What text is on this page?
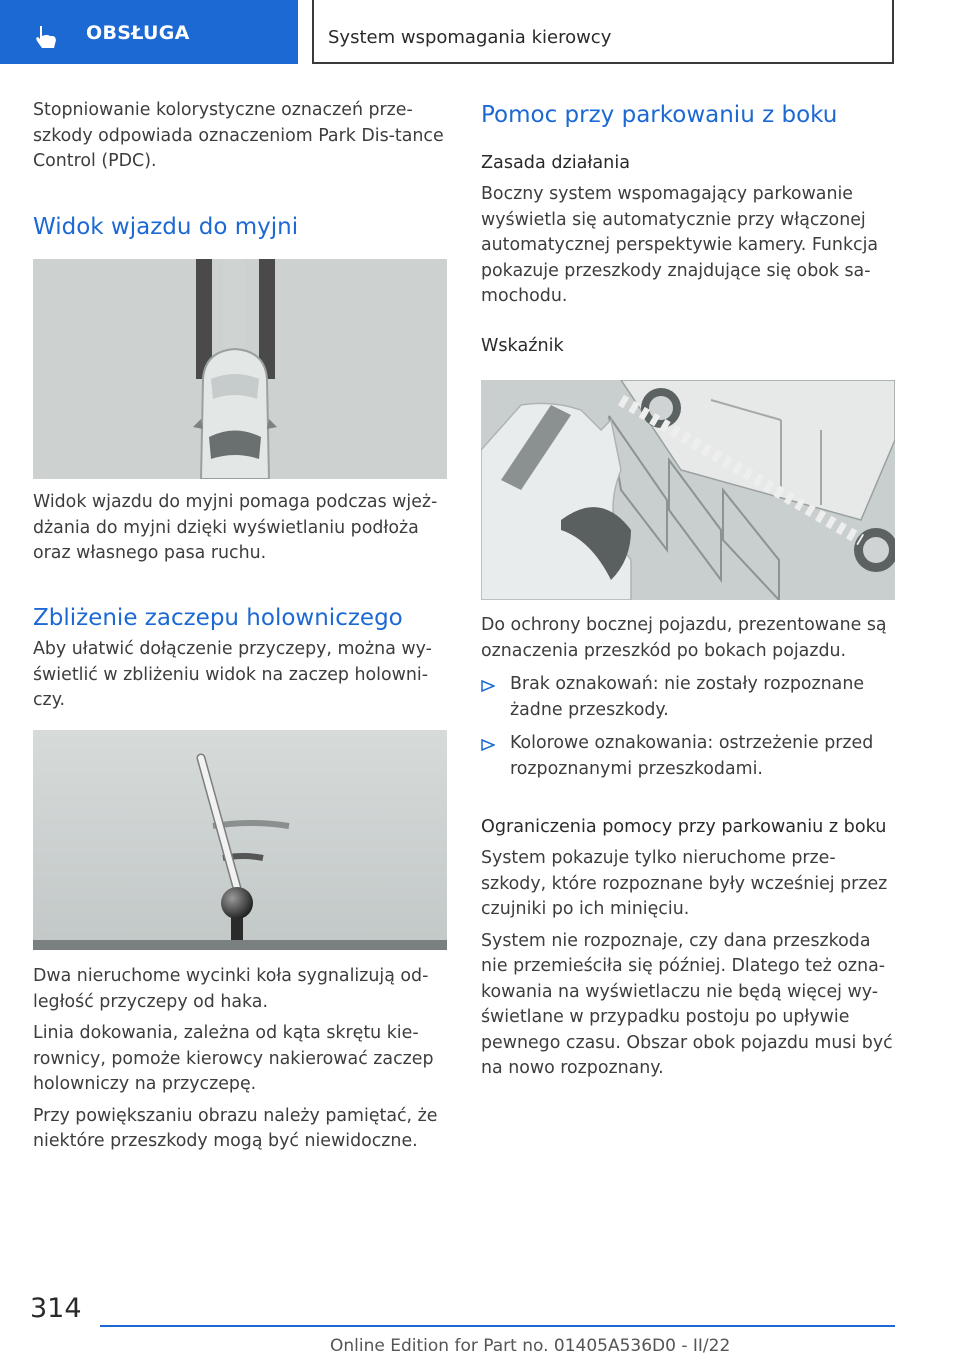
OBSŁUGA	System wspomagania kierowcy

Stopniowanie kolorystyczne oznaczeń prze-szkody odpowiada oznaczeniom Park Dis-tance Control (PDC).

Widok wjazdu do myjni

Widok wjazdu do myjni pomaga podczas wjeż-dżania do myjni dzięki wyświetlaniu podłoża oraz własnego pasa ruchu.

Zbliżenie zaczepu holowniczego

Aby ułatwić dołączenie przyczepy, można wy-świetlić w zbliżeniu widok na zaczep holowni-czy.

Dwa nieruchome wycinki koła sygnalizują od-ległość przyczepy od haka.

Linia dokowania, zależna od kąta skrętu kie-rownicy, pomoże kierowcy nakierować zaczep holowniczy na przyczepę.

Przy powiększaniu obrazu należy pamiętać, że niektóre przeszkody mogą być niewidoczne.

Pomoc przy parkowaniu z boku
Zasada działania

Boczny system wspomagający parkowanie wyświetla się automatycznie przy włączonej automatycznej perspektywie kamery. Funkcja pokazuje przeszkody znajdujące się obok sa-mochodu.

Wskaźnik

Do ochrony bocznej pojazdu, prezentowane są oznaczenia przeszkód po bokach pojazdu.

Brak oznakowań: nie zostały rozpoznane żadne przeszkody.
Kolorowe oznakowania: ostrzeżenie przed rozpoznanymi przeszkodami.
Ograniczenia pomocy przy parkowaniu z boku

System pokazuje tylko nieruchome prze-szkody, które rozpoznane były wcześniej przez czujniki po ich minięciu.

System nie rozpoznaje, czy dana przeszkoda nie przemieściła się później. Dlatego też ozna-kowania na wyświetlaczu nie będą więcej wy-świetlane w przypadku postoju po upływie pewnego czasu. Obszar obok pojazdu musi być na nowo rozpoznany.

314
Online Edition for Part no. 01405A536D0 - II/22
